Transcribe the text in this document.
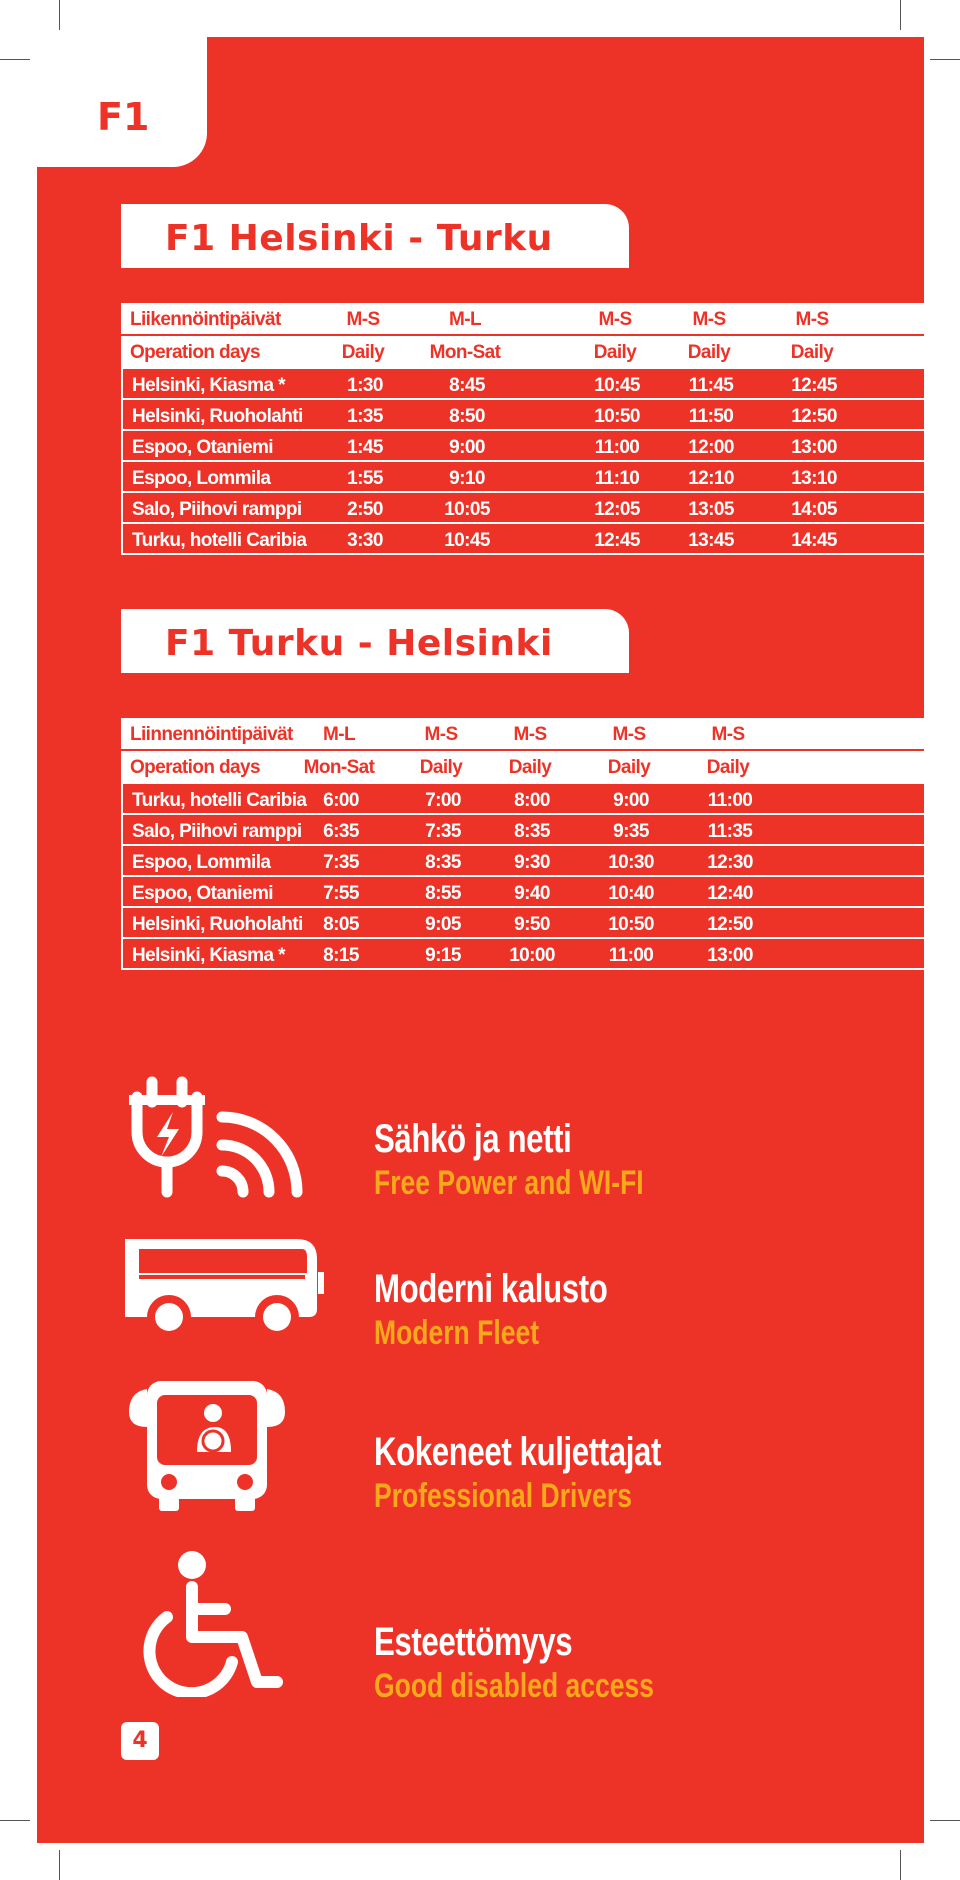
F1
F1 Helsinki - Turku
Liikennöintipäivät	M-S	M-L	M-S	M-S	M-S
Operation days	Daily	Mon-Sat	Daily	Daily	Daily
Helsinki, Kiasma *	1:30	8:45	10:45	11:45	12:45
Helsinki, Ruoholahti	1:35	8:50	10:50	11:50	12:50
Espoo, Otaniemi	1:45	9:00	11:00	12:00	13:00
Espoo, Lommila	1:55	9:10	11:10	12:10	13:10
Salo, Piihovi ramppi	2:50	10:05	12:05	13:05	14:05
Turku, hotelli Caribia	3:30	10:45	12:45	13:45	14:45
F1 Turku - Helsinki
Liinnennöintipäivät	M-L	M-S	M-S	M-S	M-S
Operation days	Mon-Sat	Daily	Daily	Daily	Daily
Turku, hotelli Caribia 6:00	7:00	8:00	9:00	11:00
Salo, Piihovi ramppi	6:35	7:35	8:35	9:35	11:35
Espoo, Lommila	7:35	8:35	9:30	10:30	12:30
Espoo, Otaniemi	7:55	8:55	9:40	10:40	12:40
Helsinki, Ruoholahti	8:05	9:05	9:50	10:50	12:50
Helsinki, Kiasma *	8:15	9:15	10:00	11:00	13:00
Sähkö ja netti
Free Power and WI-FI
Moderni kalusto
Modern Fleet
Kokeneet kuljettajat
Professional Drivers
Esteettömyys
Good disabled access
4
